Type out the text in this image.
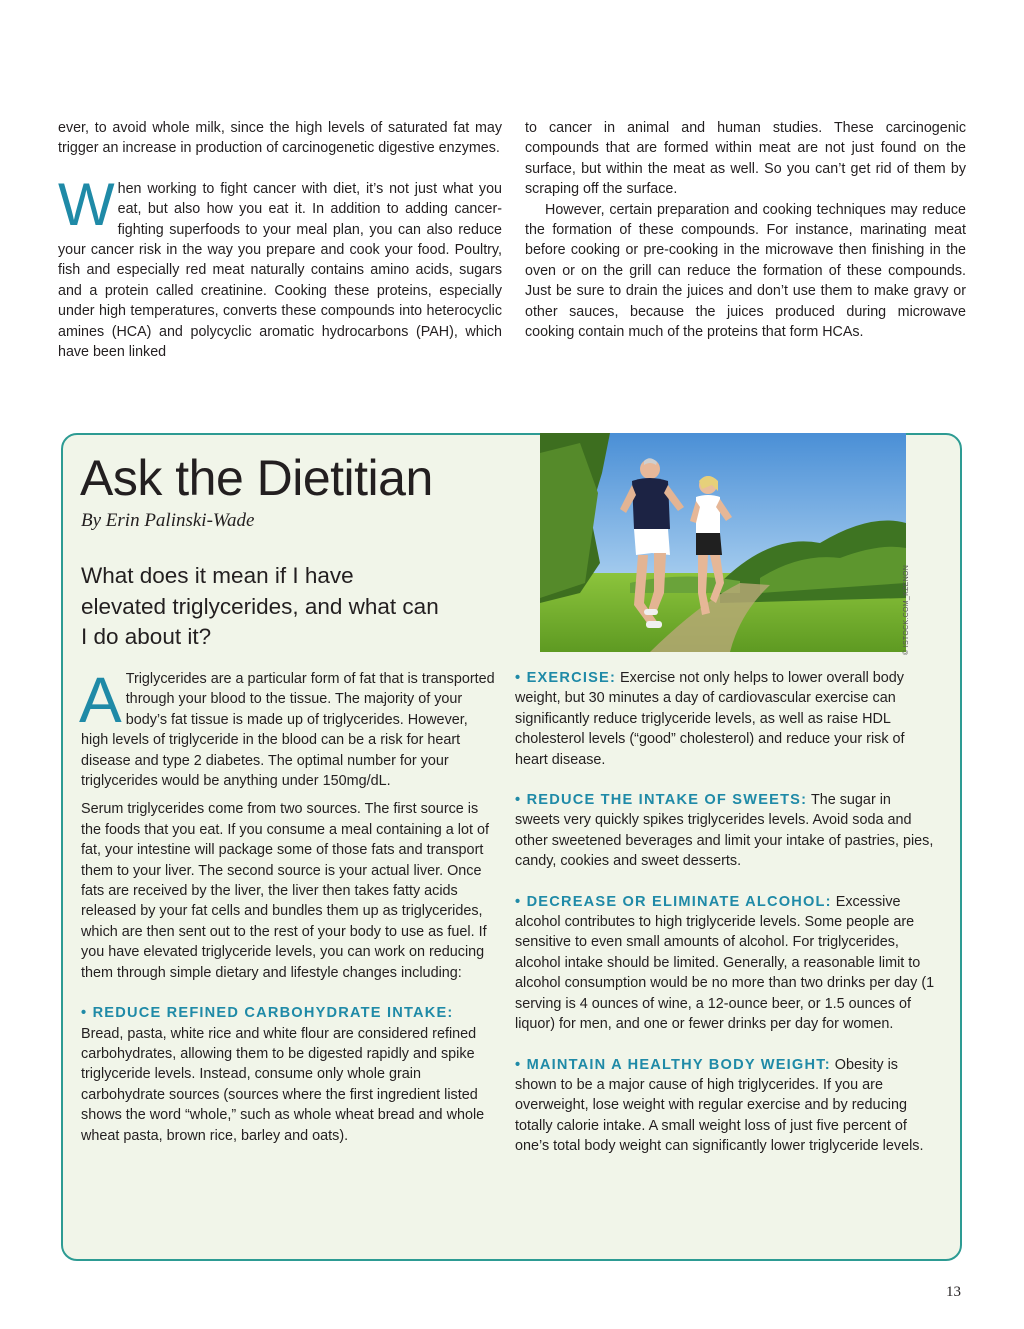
ever, to avoid whole milk, since the high levels of saturated fat may trigger an increase in production of carcinogenetic digestive enzymes.

When working to fight cancer with diet, it’s not just what you eat, but also how you eat it. In addition to adding cancer-fighting superfoods to your meal plan, you can also reduce your cancer risk in the way you prepare and cook your food. Poultry, fish and especially red meat naturally contains amino acids, sugars and a protein called creatinine. Cooking these proteins, especially under high temperatures, converts these compounds into heterocyclic amines (HCA) and polycyclic aromatic hydrocarbons (PAH), which have been linked

to cancer in animal and human studies. These carcinogenic compounds that are formed within meat are not just found on the surface, but within the meat as well. So you can’t get rid of them by scraping off the surface.

However, certain preparation and cooking techniques may reduce the formation of these compounds. For instance, marinating meat before cooking or pre-cooking in the microwave then finishing in the oven or on the grill can reduce the formation of these compounds. Just be sure to drain the juices and don’t use them to make gravy or other sauces, because the juices produced during microwave cooking contain much of the proteins that form HCAs.

© ISTOCK.COM_KZENON
Ask the Dietitian
By Erin Palinski-Wade
What does it mean if I have elevated triglycerides, and what can I do about it?

A Triglycerides are a particular form of fat that is transported through your blood to the tissue. The majority of your body’s fat tissue is made up of triglycerides. However, high levels of triglyceride in the blood can be a risk for heart disease and type 2 diabetes. The optimal number for your triglycerides would be anything under 150mg/dL.

Serum triglycerides come from two sources. The first source is the foods that you eat. If you consume a meal containing a lot of fat, your intestine will package some of those fats and transport them to your liver. The second source is your actual liver. Once fats are received by the liver, the liver then takes fatty acids released by your fat cells and bundles them up as triglycerides, which are then sent out to the rest of your body to use as fuel. If you have elevated triglyceride levels, you can work on reducing them through simple dietary and lifestyle changes including:

• REDUCE REFINED CARBOHYDRATE INTAKE:
Bread, pasta, white rice and white flour are considered refined carbohydrates, allowing them to be digested rapidly and spike triglyceride levels. Instead, consume only whole grain carbohydrate sources (sources where the first ingredient listed shows the word “whole,” such as whole wheat bread and whole wheat pasta, brown rice, barley and oats).

• EXERCISE: Exercise not only helps to lower overall body weight, but 30 minutes a day of cardiovascular exercise can significantly reduce triglyceride levels, as well as raise HDL cholesterol levels (“good” cholesterol) and reduce your risk of heart disease.

• REDUCE THE INTAKE OF SWEETS: The sugar in sweets very quickly spikes triglycerides levels. Avoid soda and other sweetened beverages and limit your intake of pastries, pies, candy, cookies and sweet desserts.

• DECREASE OR ELIMINATE ALCOHOL: Excessive alcohol contributes to high triglyceride levels. Some people are sensitive to even small amounts of alcohol. For triglycerides, alcohol intake should be limited. Generally, a reasonable limit to alcohol consumption would be no more than two drinks per day (1 serving is 4 ounces of wine, a 12-ounce beer, or 1.5 ounces of liquor) for men, and one or fewer drinks per day for women.

• MAINTAIN A HEALTHY BODY WEIGHT: Obesity is shown to be a major cause of high triglycerides. If you are overweight, lose weight with regular exercise and by reducing totally calorie intake. A small weight loss of just five percent of one’s total body weight can significantly lower triglyceride levels.

13
